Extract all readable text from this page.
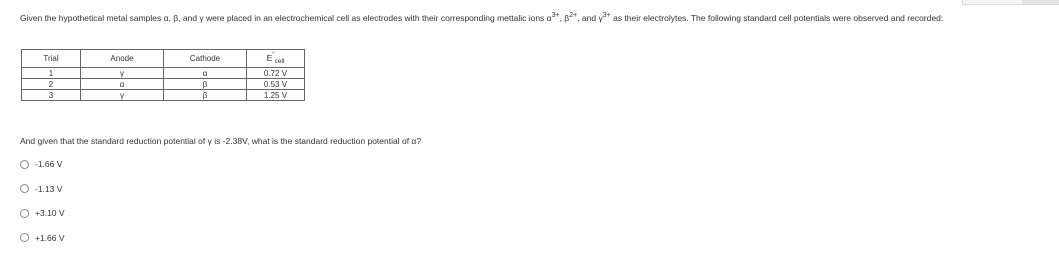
Given the hypothetical metal samples α, β, and γ were placed in an electrochemical cell as electrodes with their corresponding mettalic ions $\alpha^{3+}$, $\beta^{2+}$, and $\gamma^{3+}$ as their electrolytes. The following standard cell potentials were observed and recorded:
Trial	Anode	Cathode	$E^\circ_{cell}$
1	γ	α	0.72 V
2	α	β	0.53 V
3	γ	β	1.25 V
And given that the standard reduction potential of γ is -2.38V, what is the standard reduction potential of α?
-1.66 V
-1.13 V
+3.10 V
+1.66 V
